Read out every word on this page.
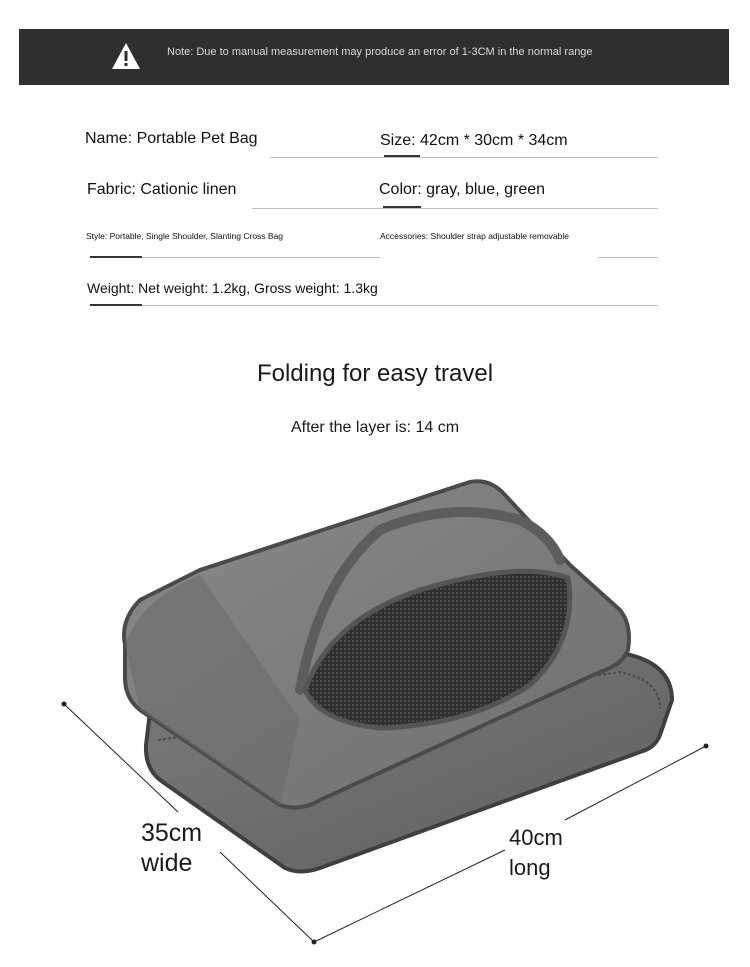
Note: Due to manual measurement may produce an error of 1-3CM in the normal range
Name: Portable Pet Bag	Size: 42cm * 30cm * 34cm
Fabric: Cationic linen	Color: gray, blue, green
Style: Portable, Single Shoulder, Slanting Cross Bag	Accessories: Shoulder strap adjustable removable
Weight: Net weight: 1.2kg, Gross weight: 1.3kg
Folding for easy travel
After the layer is: 14 cm
35cm
wide
40cm
long
